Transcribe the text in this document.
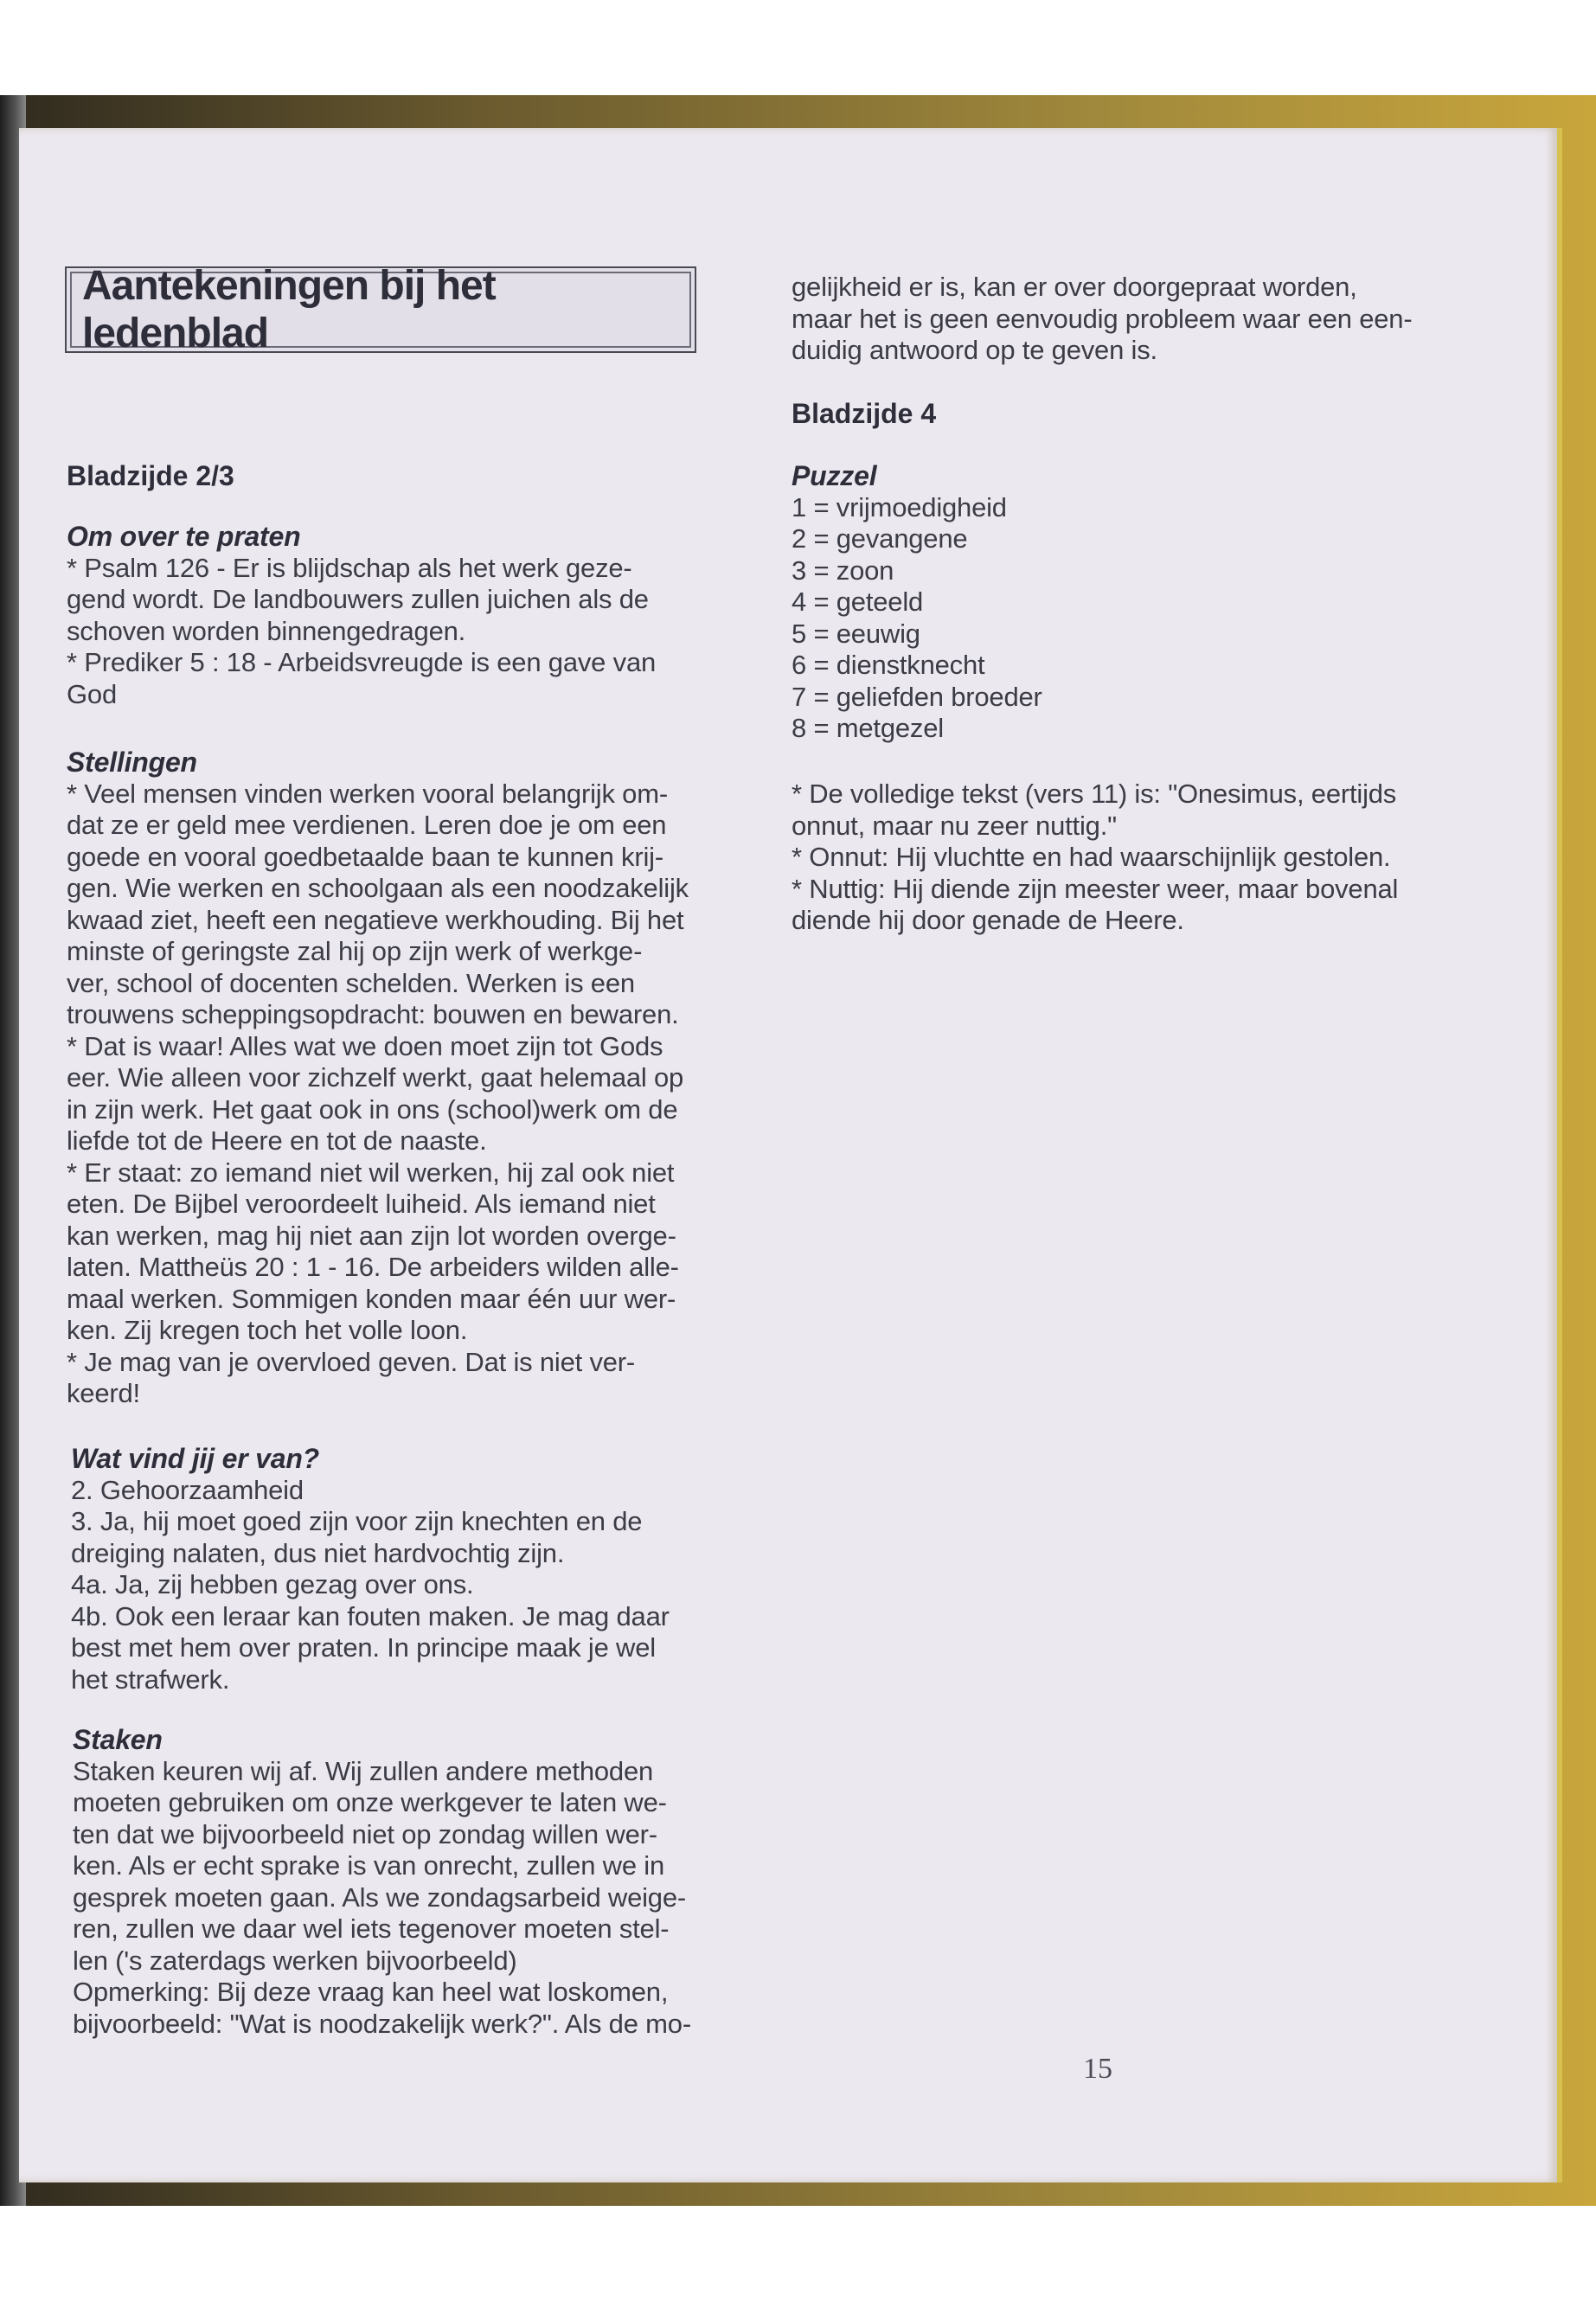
Aantekeningen bij het ledenblad
Bladzijde 2/3
Om over te praten
* Psalm 126 - Er is blijdschap als het werk geze-
gend wordt. De landbouwers zullen juichen als de
schoven worden binnengedragen.
* Prediker 5 : 18 - Arbeidsvreugde is een gave van
God
Stellingen
* Veel mensen vinden werken vooral belangrijk om-
dat ze er geld mee verdienen. Leren doe je om een
goede en vooral goedbetaalde baan te kunnen krij-
gen. Wie werken en schoolgaan als een noodzakelijk
kwaad ziet, heeft een negatieve werkhouding. Bij het
minste of geringste zal hij op zijn werk of werkge-
ver, school of docenten schelden. Werken is een
trouwens scheppingsopdracht: bouwen en bewaren.
* Dat is waar! Alles wat we doen moet zijn tot Gods
eer. Wie alleen voor zichzelf werkt, gaat helemaal op
in zijn werk. Het gaat ook in ons (school)werk om de
liefde tot de Heere en tot de naaste.
* Er staat: zo iemand niet wil werken, hij zal ook niet
eten. De Bijbel veroordeelt luiheid. Als iemand niet
kan werken, mag hij niet aan zijn lot worden overge-
laten. Mattheüs 20 : 1 - 16. De arbeiders wilden alle-
maal werken. Sommigen konden maar één uur wer-
ken. Zij kregen toch het volle loon.
* Je mag van je overvloed geven. Dat is niet ver-
keerd!
Wat vind jij er van?
2. Gehoorzaamheid
3. Ja, hij moet goed zijn voor zijn knechten en de
dreiging nalaten, dus niet hardvochtig zijn.
4a. Ja, zij hebben gezag over ons.
4b. Ook een leraar kan fouten maken. Je mag daar
best met hem over praten. In principe maak je wel
het strafwerk.
Staken
Staken keuren wij af. Wij zullen andere methoden
moeten gebruiken om onze werkgever te laten we-
ten dat we bijvoorbeeld niet op zondag willen wer-
ken. Als er echt sprake is van onrecht, zullen we in
gesprek moeten gaan. Als we zondagsarbeid weige-
ren, zullen we daar wel iets tegenover moeten stel-
len ('s zaterdags werken bijvoorbeeld)
Opmerking: Bij deze vraag kan heel wat loskomen,
bijvoorbeeld: "Wat is noodzakelijk werk?". Als de mo-
gelijkheid er is, kan er over doorgepraat worden,
maar het is geen eenvoudig probleem waar een een-
duidig antwoord op te geven is.
Bladzijde 4
Puzzel
1 = vrijmoedigheid
2 = gevangene
3 = zoon
4 = geteeld
5 = eeuwig
6 = dienstknecht
7 = geliefden broeder
8 = metgezel
* De volledige tekst (vers 11) is: "Onesimus, eertijds
onnut, maar nu zeer nuttig."
* Onnut: Hij vluchtte en had waarschijnlijk gestolen.
* Nuttig: Hij diende zijn meester weer, maar bovenal
diende hij door genade de Heere.
15
